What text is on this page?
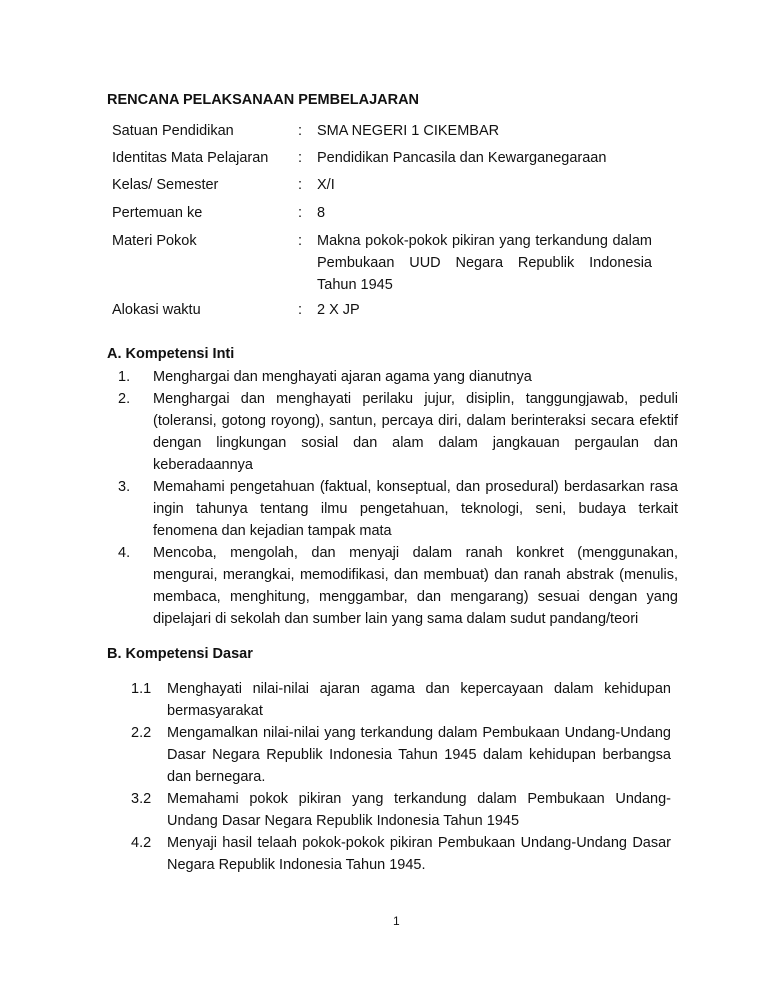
RENCANA PELAKSANAAN PEMBELAJARAN
Satuan Pendidikan	: SMA NEGERI 1 CIKEMBAR
Identitas Mata Pelajaran : Pendidikan Pancasila dan Kewarganegaraan
Kelas/ Semester	: X/I
Pertemuan ke	: 8
Materi Pokok	: Makna pokok-pokok pikiran yang terkandung dalam Pembukaan UUD Negara Republik Indonesia Tahun 1945
Alokasi waktu	: 2 X JP
A. Kompetensi Inti
1. Menghargai dan menghayati ajaran agama yang dianutnya
2. Menghargai dan menghayati perilaku jujur, disiplin, tanggungjawab, peduli (toleransi, gotong royong), santun, percaya diri, dalam berinteraksi secara efektif dengan lingkungan sosial dan alam dalam jangkauan pergaulan dan keberadaannya
3. Memahami pengetahuan (faktual, konseptual, dan prosedural) berdasarkan rasa ingin tahunya tentang ilmu pengetahuan, teknologi, seni, budaya terkait fenomena dan kejadian tampak mata
4. Mencoba, mengolah, dan menyaji dalam ranah konkret (menggunakan, mengurai, merangkai, memodifikasi, dan membuat) dan ranah abstrak (menulis, membaca, menghitung, menggambar, dan mengarang) sesuai dengan yang dipelajari di sekolah dan sumber lain yang sama dalam sudut pandang/teori
B. Kompetensi Dasar
1.1 Menghayati nilai-nilai ajaran agama dan kepercayaan dalam kehidupan bermasyarakat
2.2 Mengamalkan nilai-nilai yang terkandung dalam Pembukaan Undang-Undang Dasar Negara Republik Indonesia Tahun 1945 dalam kehidupan berbangsa dan bernegara.
3.2 Memahami pokok pikiran yang terkandung dalam Pembukaan Undang-Undang Dasar Negara Republik Indonesia Tahun 1945
4.2 Menyaji hasil telaah pokok-pokok pikiran Pembukaan Undang-Undang Dasar Negara Republik Indonesia Tahun 1945.
1
